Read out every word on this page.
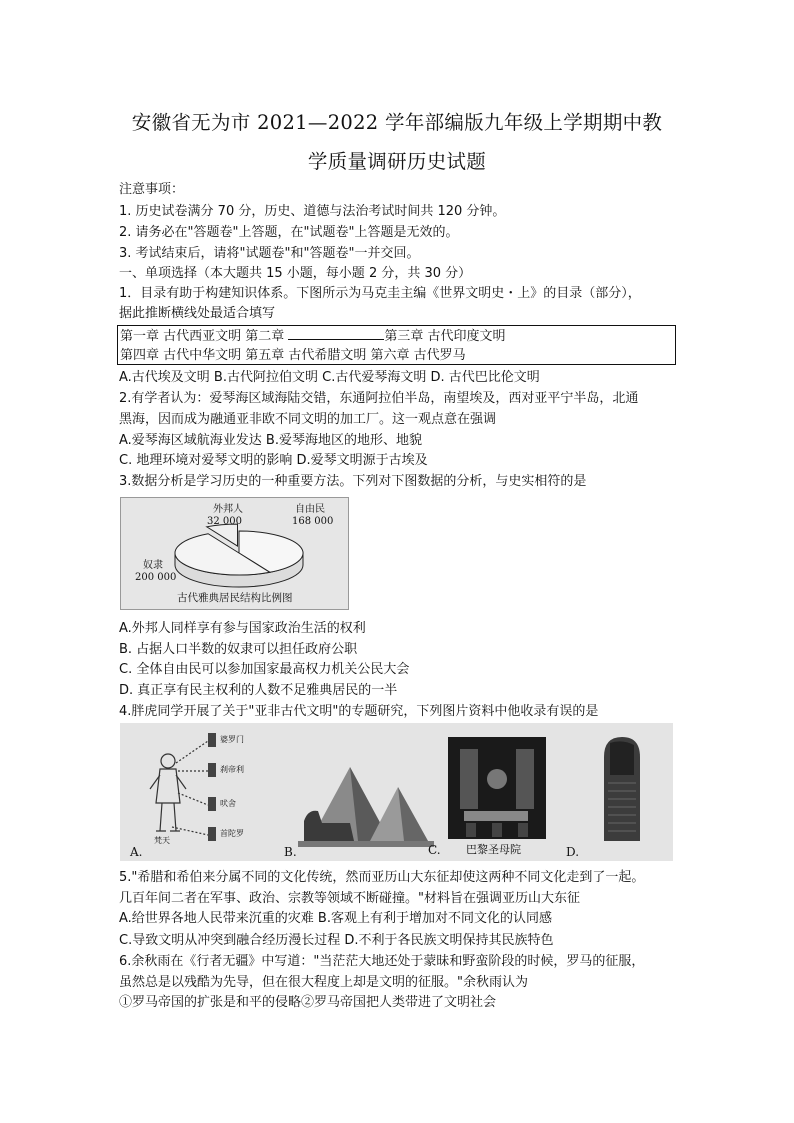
安徽省无为市 2021—2022 学年部编版九年级上学期期中教
学质量调研历史试题
注意事项：
1. 历史试卷满分 70 分，历史、道德与法治考试时间共 120 分钟。
2. 请务必在"答题卷"上答题，在"试题卷"上答题是无效的。
3. 考试结束后，请将"试题卷"和"答题卷"一并交回。
一、单项选择（本大题共 15 小题，每小题 2 分，共 30 分）
1．目录有助于构建知识体系。下图所示为马克圭主编《世界文明史・上》的目录（部分），
据此推断横线处最适合填写
第一章 古代西亚文明 第二章	第三章 古代印度文明
第四章 古代中华文明 第五章 古代希腊文明 第六章 古代罗马
A.古代埃及文明 B.古代阿拉伯文明 C.古代爱琴海文明 D. 古代巴比伦文明
2.有学者认为：爱琴海区域海陆交错，东通阿拉伯半岛，南望埃及，西对亚平宁半岛，北通
黑海，因而成为融通亚非欧不同文明的加工厂。这一观点意在强调
A.爱琴海区域航海业发达 B.爱琴海地区的地形、地貌
C. 地理环境对爱琴文明的影响 D.爱琴文明源于古埃及
3.数据分析是学习历史的一种重要方法。下列对下图数据的分析，与史实相符的是
外邦人
32 000
自由民
168 000
奴隶
200 000
古代雅典居民结构比例图
A.外邦人同样享有参与国家政治生活的权利
B. 占据人口半数的奴隶可以担任政府公职
C. 全体自由民可以参加国家最高权力机关公民大会
D. 真正享有民主权利的人数不足雅典居民的一半
4.胖虎同学开展了关于"亚非古代文明"的专题研究，下列图片资料中他收录有误的是
婆罗门
刹帝利
吠舍
首陀罗
梵天
A.	B.	C. 巴黎圣母院	D.
5."希腊和希伯来分属不同的文化传统，然而亚历山大东征却使这两种不同文化走到了一起。
几百年间二者在军事、政治、宗教等领域不断碰撞。"材料旨在强调亚历山大东征
A.给世界各地人民带来沉重的灾难 B.客观上有利于增加对不同文化的认同感
C.导致文明从冲突到融合经历漫长过程 D.不利于各民族文明保持其民族特色
6.余秋雨在《行者无疆》中写道："当茫茫大地还处于蒙昧和野蛮阶段的时候，罗马的征服，
虽然总是以残酷为先导，但在很大程度上却是文明的征服。"余秋雨认为
①罗马帝国的扩张是和平的侵略②罗马帝国把人类带进了文明社会
